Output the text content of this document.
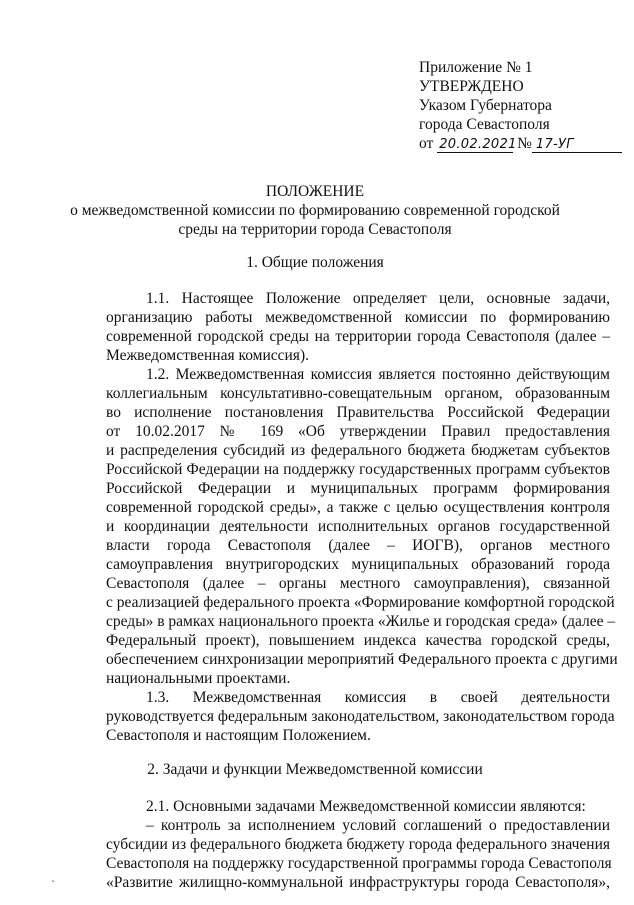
Приложение № 1
УТВЕРЖДЕНО
Указом Губернатора
города Севастополя
от 20.02.2021 № 17-УГ
ПОЛОЖЕНИЕ
о межведомственной комиссии по формированию современной городской
среды на территории города Севастополя
1. Общие положения
1.1. Настоящее Положение определяет цели, основные задачи,
организацию работы межведомственной комиссии по формированию
современной городской среды на территории города Севастополя (далее –
Межведомственная комиссия).
1.2. Межведомственная комиссия является постоянно действующим
коллегиальным консультативно-совещательным органом, образованным
во исполнение постановления Правительства Российской Федерации
от 10.02.2017 № 169 «Об утверждении Правил предоставления
и распределения субсидий из федерального бюджета бюджетам субъектов
Российской Федерации на поддержку государственных программ субъектов
Российской Федерации и муниципальных программ формирования
современной городской среды», а также с целью осуществления контроля
и координации деятельности исполнительных органов государственной
власти города Севастополя (далее – ИОГВ), органов местного
самоуправления внутригородских муниципальных образований города
Севастополя (далее – органы местного самоуправления), связанной
с реализацией федерального проекта «Формирование комфортной городской
среды» в рамках национального проекта «Жилье и городская среда» (далее –
Федеральный проект), повышением индекса качества городской среды,
обеспечением синхронизации мероприятий Федерального проекта с другими
национальными проектами.
1.3. Межведомственная комиссия в своей деятельности
руководствуется федеральным законодательством, законодательством города
Севастополя и настоящим Положением.
2. Задачи и функции Межведомственной комиссии
2.1. Основными задачами Межведомственной комиссии являются:
– контроль за исполнением условий соглашений о предоставлении
субсидии из федерального бюджета бюджету города федерального значения
Севастополя на поддержку государственной программы города Севастополя
«Развитие жилищно-коммунальной инфраструктуры города Севастополя»,
˛
